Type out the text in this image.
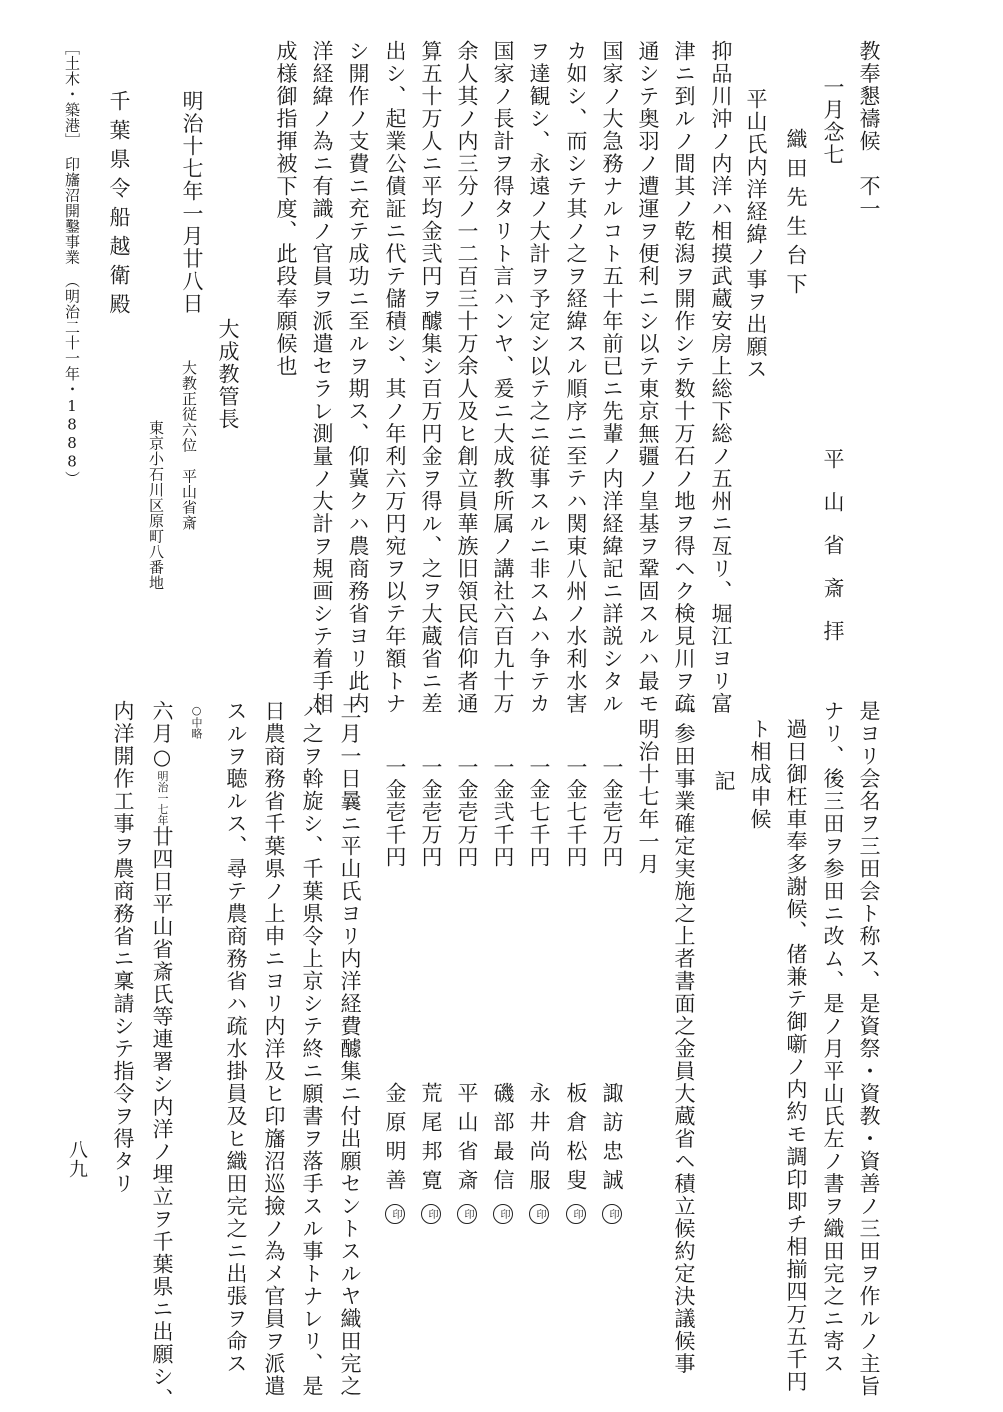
教奉懇禱候　不一
一月念七
織田先生台下
平山省斎拝
平山氏内洋経緯ノ事ヲ出願ス
抑品川沖ノ内洋ハ相摸武蔵安房上総下総ノ五州ニ亙リ、堀江ヨリ富
津ニ到ルノ間其ノ乾潟ヲ開作シテ数十万石ノ地ヲ得ヘク検見川ヲ疏
通シテ奥羽ノ遭運ヲ便利ニシ以テ東京無疆ノ皇基ヲ鞏固スルハ最モ
国家ノ大急務ナルコト五十年前已ニ先輩ノ内洋経緯記ニ詳説シタル
カ如シ、而シテ其ノ之ヲ経緯スル順序ニ至テハ関東八州ノ水利水害
ヲ達観シ、永遠ノ大計ヲ予定シ以テ之ニ従事スルニ非スムハ争テカ
国家ノ長計ヲ得タリト言ハンヤ、爰ニ大成教所属ノ講社六百九十万
余人其ノ内三分ノ一二百三十万余人及ヒ創立員華族旧領民信仰者通
算五十万人ニ平均金弐円ヲ醵集シ百万円金ヲ得ル、之ヲ大蔵省ニ差
出シ、起業公債証ニ代テ儲積シ、其ノ年利六万円宛ヲ以テ年額トナ
シ開作ノ支費ニ充テ成功ニ至ルヲ期ス、仰冀クハ農商務省ヨリ此内
洋経緯ノ為ニ有識ノ官員ヲ派遣セラレ測量ノ大計ヲ規画シテ着手相
成様御指揮被下度、此段奉願候也
大成教管長
大教正従六位　平山省斎
東京小石川区原町八番地
明治十七年一月廿八日
千葉県令船越衛殿
［土木・築港］　印旛沼開鑿事業　（明治二十一年・1888）
是ヨリ会名ヲ三田会ト称ス、是資祭・資教・資善ノ三田ヲ作ルノ主旨
ナリ、後三田ヲ参田ニ改ム、是ノ月平山氏左ノ書ヲ織田完之ニ寄ス
過日御枉車奉多謝候、偖兼テ御噺ノ内約モ調印即チ相揃四万五千円
ト相成申候
記
明治十七年一月
一金壱万円
諏訪忠誠印
一金七千円
板倉松叟印
一金七千円
永井尚服印
一金弐千円
磯部最信印
一金壱万円
平山省斎印
一金壱万円
荒尾邦寛印
一金壱千円
金原明善印	一参田事業確定実施之上者書面之金員大蔵省ヘ積立候約定決議候事
二月一日曩ニ平山氏ヨリ内洋経費醵集ニ付出願セントスルヤ織田完之
ハ之ヲ斡旋シ、千葉県令上京シテ終ニ願書ヲ落手スル事トナレリ、是
日農商務省千葉県ノ上申ニヨリ内洋及ヒ印旛沼巡撿ノ為メ官員ヲ派遣
スルヲ聴ルス、尋テ農商務省ハ疏水掛員及ヒ織田完之ニ出張ヲ命ス
○中略
六月○明治一七年廿四日平山省斎氏等連署シ内洋ノ埋立ヲ千葉県ニ出願シ、
内洋開作工事ヲ農商務省ニ稟請シテ指令ヲ得タリ
八九
